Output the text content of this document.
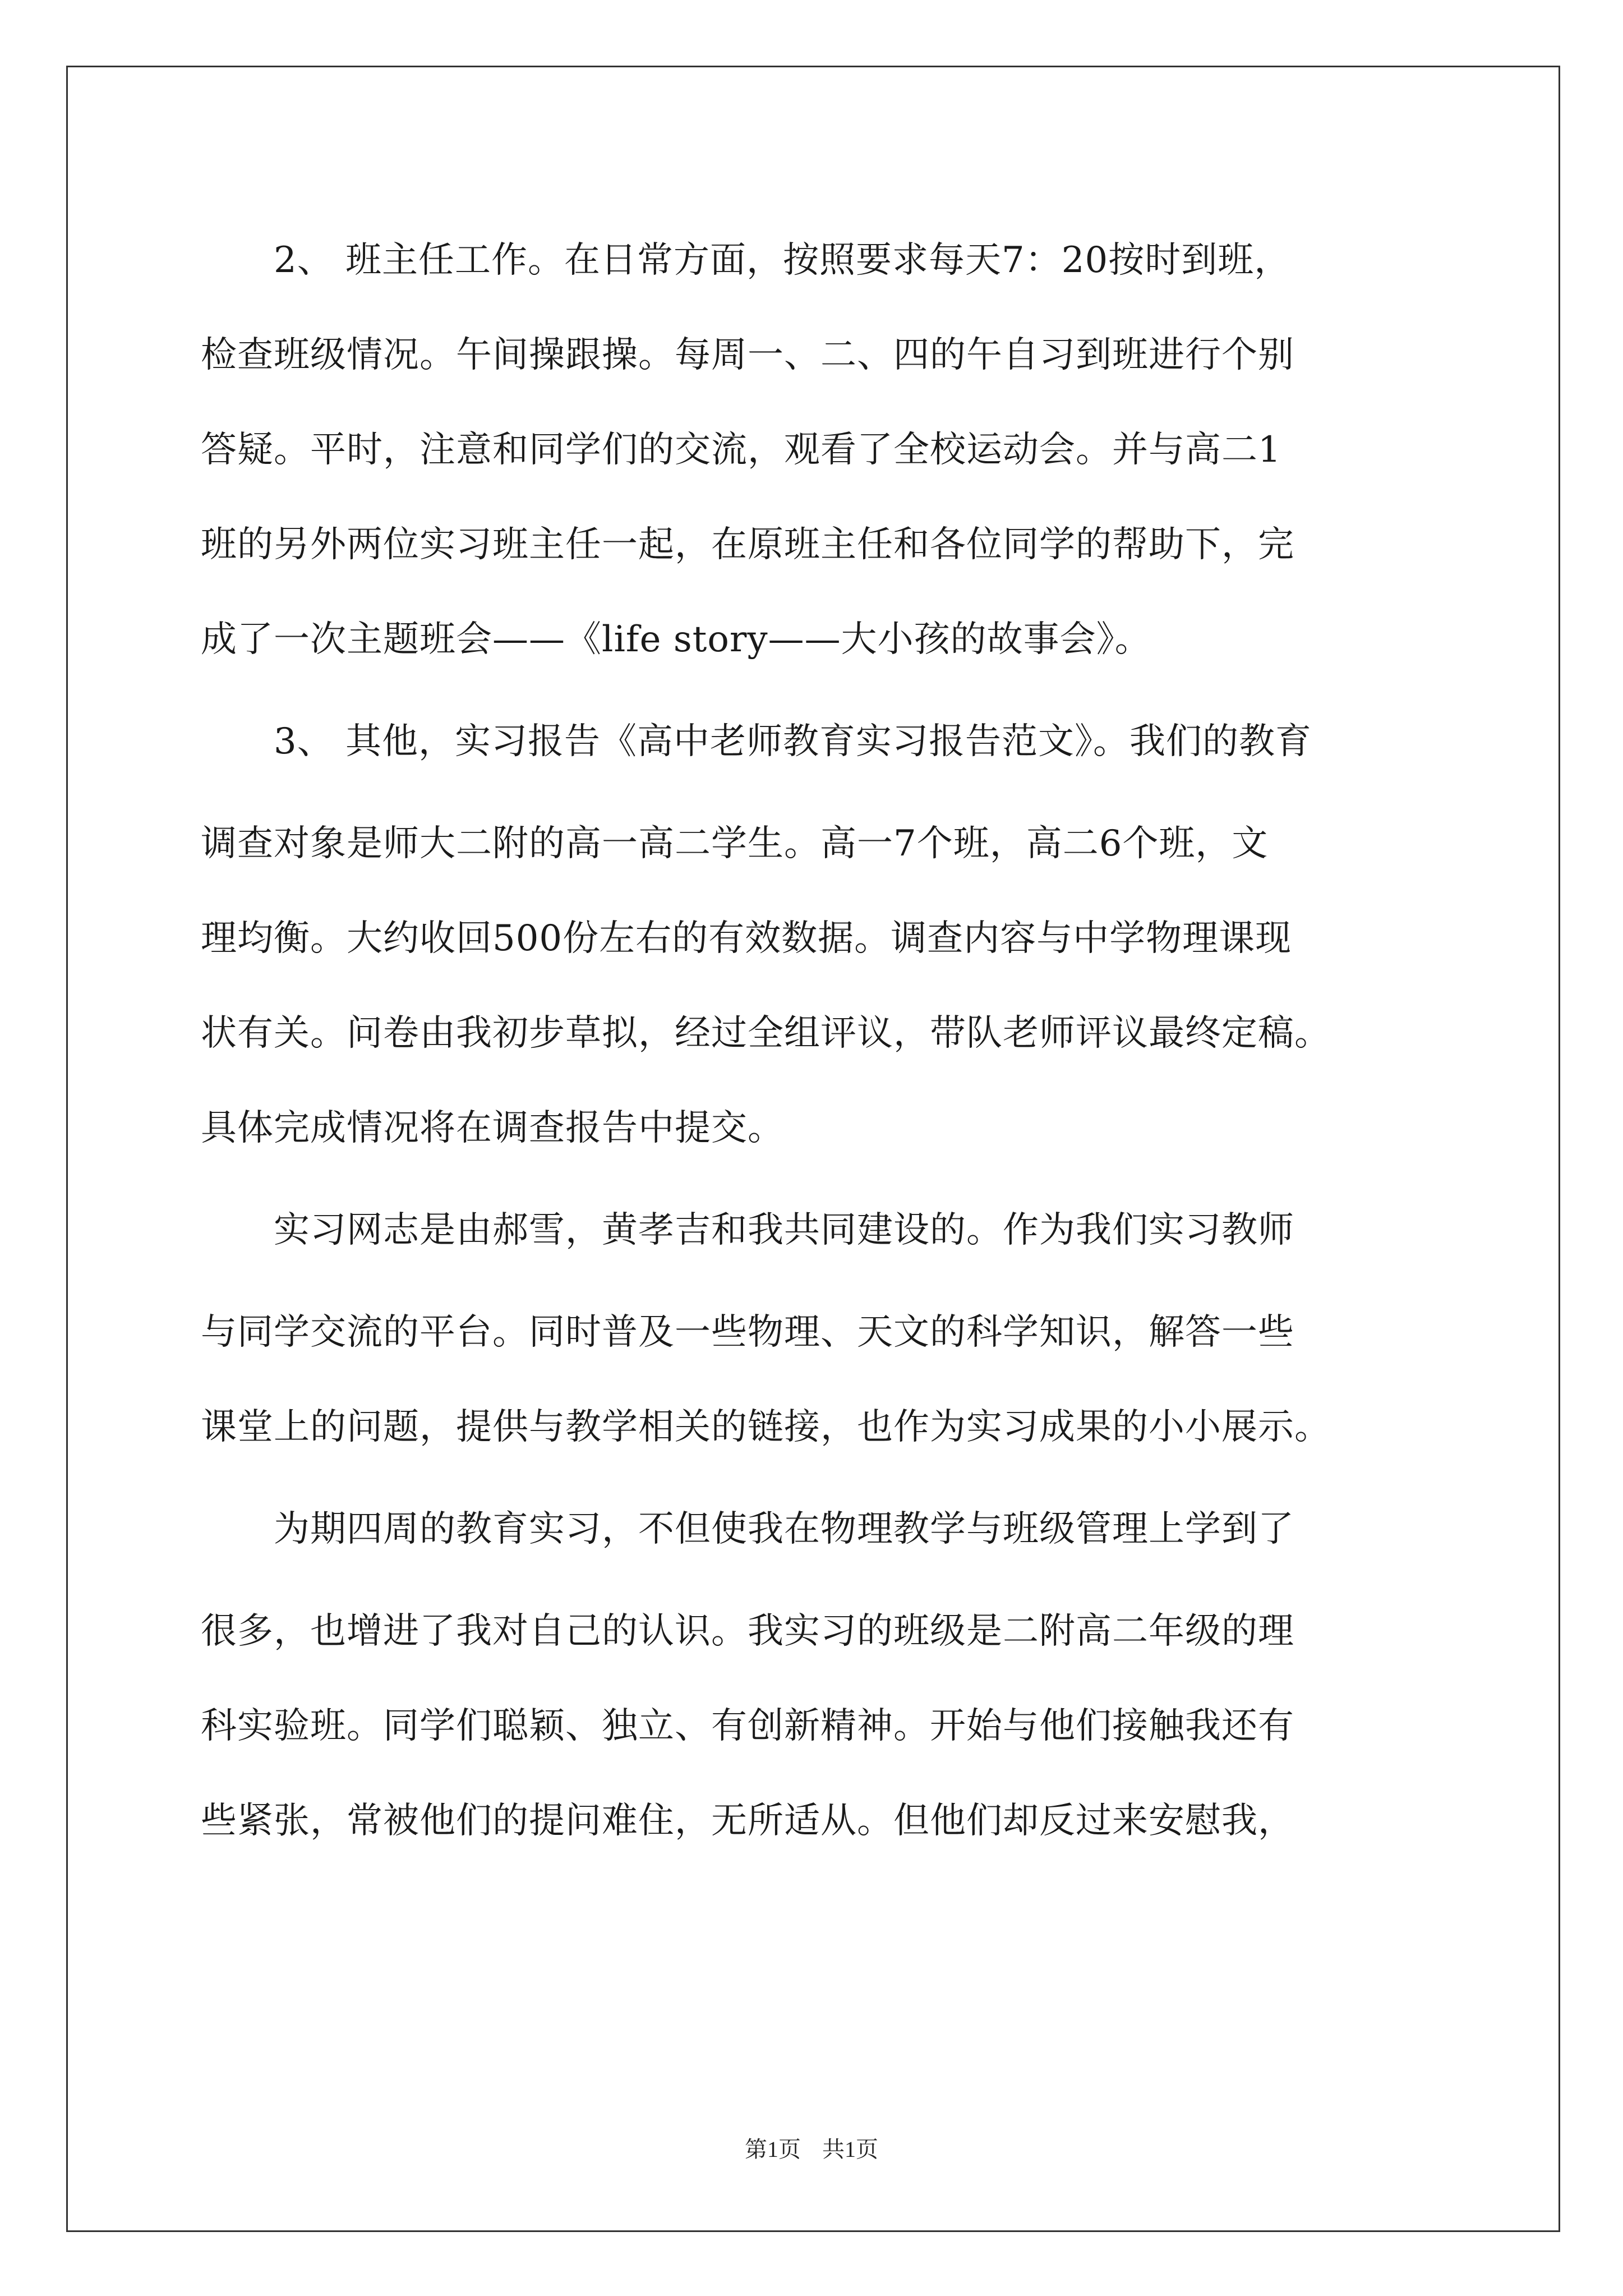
2、 班主任工作。在日常方面，按照要求每天7：20按时到班，
检查班级情况。午间操跟操。每周一、二、四的午自习到班进行个别
答疑。平时，注意和同学们的交流，观看了全校运动会。并与高二1
班的另外两位实习班主任一起，在原班主任和各位同学的帮助下，完
成了一次主题班会——《life story——大小孩的故事会》。
3、 其他，实习报告《高中老师教育实习报告范文》。我们的教育
调查对象是师大二附的高一高二学生。高一7个班，高二6个班，文
理均衡。大约收回500份左右的有效数据。调查内容与中学物理课现
状有关。问卷由我初步草拟，经过全组评议，带队老师评议最终定稿。
具体完成情况将在调查报告中提交。
实习网志是由郝雪，黄孝吉和我共同建设的。作为我们实习教师
与同学交流的平台。同时普及一些物理、天文的科学知识，解答一些
课堂上的问题，提供与教学相关的链接，也作为实习成果的小小展示。
为期四周的教育实习，不但使我在物理教学与班级管理上学到了
很多，也增进了我对自己的认识。我实习的班级是二附高二年级的理
科实验班。同学们聪颖、独立、有创新精神。开始与他们接触我还有
些紧张，常被他们的提问难住，无所适从。但他们却反过来安慰我，
第1页 共1页
